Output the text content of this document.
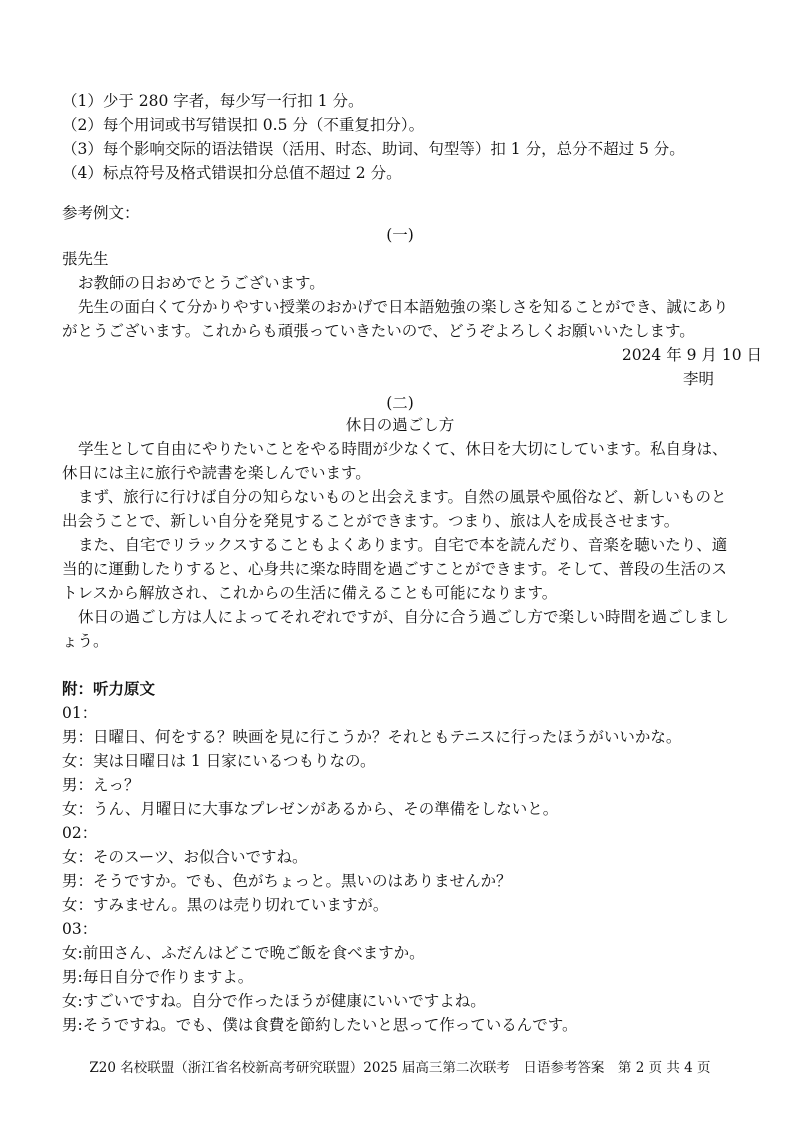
（1）少于 280 字者，每少写一行扣 1 分。
（2）每个用词或书写错误扣 0.5 分（不重复扣分）。
（3）每个影响交际的语法错误（活用、时态、助词、句型等）扣 1 分，总分不超过 5 分。
（4）标点符号及格式错误扣分总值不超过 2 分。
参考例文：
(一)
張先生
お教師の日おめでとうございます。
先生の面白くて分かりやすい授業のおかげで日本語勉強の楽しさを知ることができ、誠にあり
がとうございます。これからも頑張っていきたいので、どうぞよろしくお願いいたします。
2024 年 9 月 10 日
李明
(二)
休日の過ごし方
学生として自由にやりたいことをやる時間が少なくて、休日を大切にしています。私自身は、
休日には主に旅行や読書を楽しんでいます。
まず、旅行に行けば自分の知らないものと出会えます。自然の風景や風俗など、新しいものと
出会うことで、新しい自分を発見することができます。つまり、旅は人を成長させます。
また、自宅でリラックスすることもよくあります。自宅で本を読んだり、音楽を聴いたり、適
当的に運動したりすると、心身共に楽な時間を過ごすことができます。そして、普段の生活のス
トレスから解放され、これからの生活に備えることも可能になります。
休日の過ごし方は人によってそれぞれですが、自分に合う過ごし方で楽しい時間を過ごしまし
ょう。
附：听力原文
01：
男：日曜日、何をする？映画を見に行こうか？それともテニスに行ったほうがいいかな。
女：実は日曜日は 1 日家にいるつもりなの。
男：えっ？
女：うん、月曜日に大事なプレゼンがあるから、その準備をしないと。
02：
女：そのスーツ、お似合いですね。
男：そうですか。でも、色がちょっと。黒いのはありませんか？
女：すみません。黒のは売り切れていますが。
03：
女:前田さん、ふだんはどこで晩ご飯を食べますか。
男:毎日自分で作りますよ。
女:すごいですね。自分で作ったほうが健康にいいですよね。
男:そうですね。でも、僕は食費を節約したいと思って作っているんです。
Z20 名校联盟（浙江省名校新高考研究联盟）2025 届高三第二次联考　日语参考答案　第 2 页 共 4 页
